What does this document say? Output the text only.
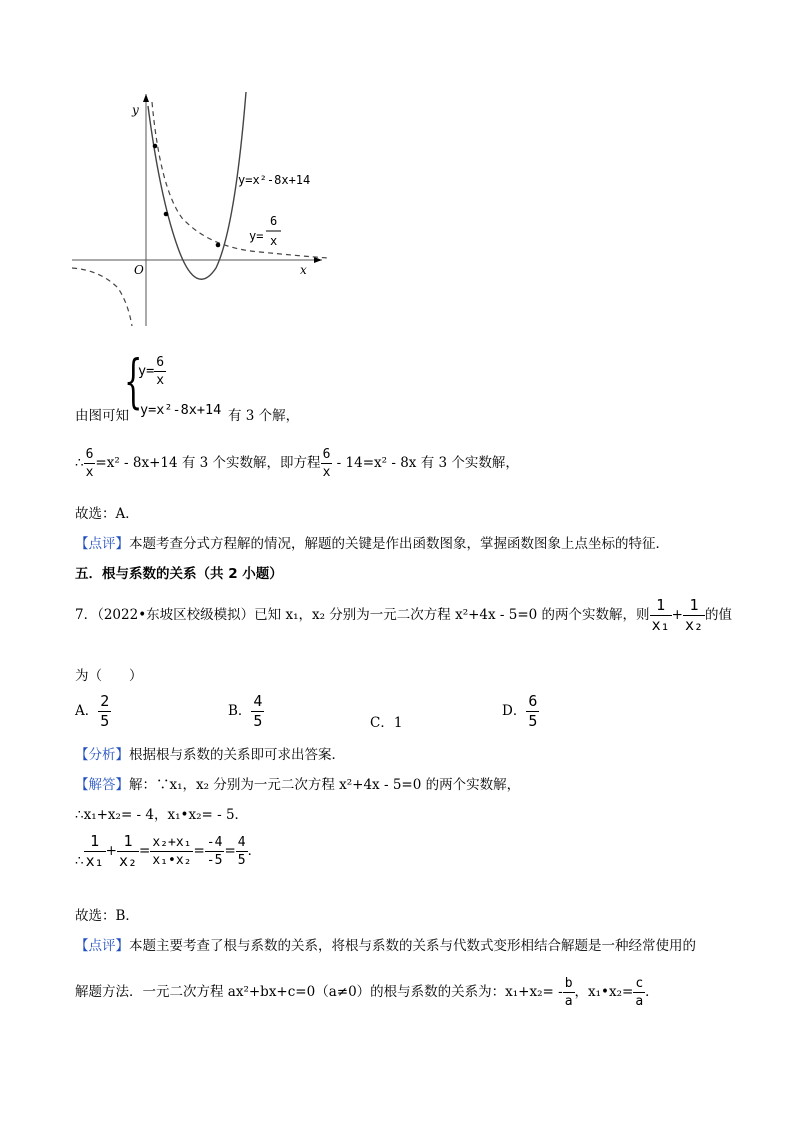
y
x
O
y=x²-8x+14
y=
6
x
{
$y= \frac{6}{x}$
由图可知 y=x²-8x+14 有 3 个解，
∴ $\frac{6}{x} =x^2 - 8x+14$ 有 3 个实数解，即方程 $\frac{6}{x} - 14=x^2 - 8x$ 有 3 个实数解，
故选：A．
【点评】本题考查分式方程解的情况，解题的关键是作出函数图象，掌握函数图象上点坐标的特征．
五．根与系数的关系（共 2 小题）
7．（2022•东坡区校级模拟）已知 x₁，x₂ 分别为一元二次方程 x²+4x - 5=0 的两个实数解，则 $\frac{1}{\text{x₁}} + \frac{1}{\text{x₂}}$ 的值
为（　　）
A． $\frac{2}{5}$	B． $\frac{4}{5}$	C．1
D． $\frac{6}{5}$
【分析】根据根与系数的关系即可求出答案．
【解答】解：∵x₁，x₂ 分别为一元二次方程 x²+4x - 5=0 的两个实数解，
∴x₁+x₂= - 4，x₁•x₂= - 5．
∴ $\frac{1}{\text{x₁}} + \frac{1}{\text{x₂}} = \frac{\text{x₂+x₁}}{\text{x₁•x₂}} = \frac{-4}{-5} = \frac{4}{5}$ ．
故选：B．
【点评】本题主要考查了根与系数的关系，将根与系数的关系与代数式变形相结合解题是一种经常使用的
解题方法．一元二次方程 ax²+bx+c=0（a≠0）的根与系数的关系为：$x_1+x_2= - \frac{b}{a}$ ，x₁•x₂= $\frac{c}{a}$ ．
